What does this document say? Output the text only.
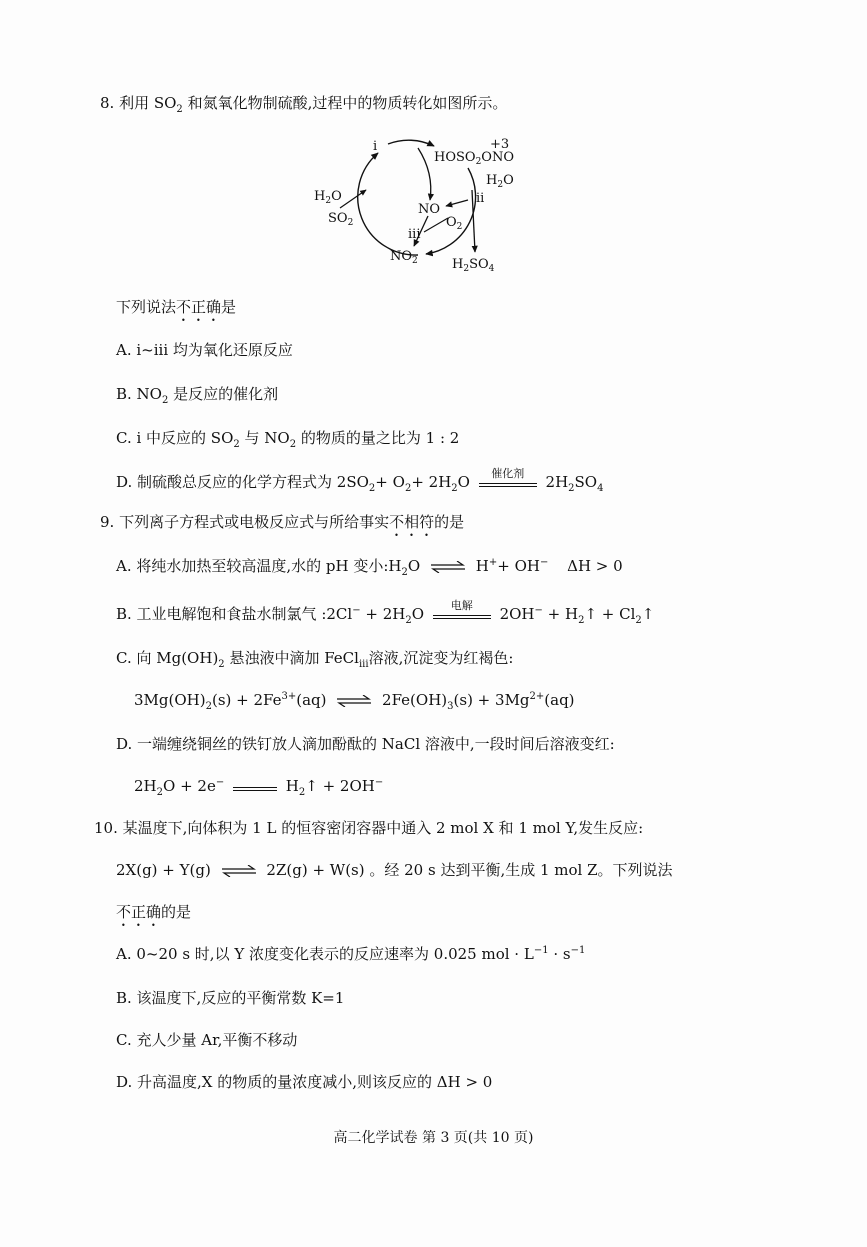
8. 利用 $SO_2$ 和氮氧化物制硫酸,过程中的物质转化如图所示。
i	+3
$HOSO_2ONO$
$H_2O$
ii
NO
$O_2$
iii
$H_2O$
$SO_2$
$NO_2$	$H_2SO_4$
下列说法不正确是
A. i~iii 均为氧化还原反应
B. $NO_2$ 是反应的催化剂
C. i 中反应的 $SO_2$ 与 $NO_2$ 的物质的量之比为 1 : 2
D. 制硫酸总反应的化学方程式为 $2SO_2+ O_2+ 2H_2O$	催化剂	$2H_2SO_4$
9. 下列离子方程式或电极反应式与所给事实不相符的是
A. 将纯水加热至较高温度,水的 pH 变小$:H_2O$ ⇌ H++ OH− ΔH > 0
B. 工业电解饱和食盐水制氯气 :2Cl− + $2H_2O$	电解	$2OH^- + H_2↑$ + $Cl_2↑$
C. 向 $Mg(OH)_2$ 悬浊液中滴加 FeCl$_{iii}$溶液,沉淀变为红褐色:
$3Mg(OH)_2(s) + 2Fe^{3+}(aq)$ ⇌ $2Fe(OH)_3(s) + 3Mg^{2+}(aq)$
D. 一端缠绕铜丝的铁钉放人滴加酚酞的 NaCl 溶液中,一段时间后溶液变红:
$2H_2O + 2e^-$	$H_2↑ + 2OH^-$
10. 某温度下,向体积为 1 L 的恒容密闭容器中通入 2 mol X 和 1 mol Y,发生反应:
2X(g) + Y(g) ⇌ 2Z(g) + W(s) 。经 20 s 达到平衡,生成 1 mol Z。下列说法
不正确的是
A. 0~20 s 时,以 Y 浓度变化表示的反应速率为 0.025 mol · $L^{-1} \cdot s^{-1}$
B. 该温度下,反应的平衡常数 K=1
C. 充人少量 Ar,平衡不移动
D. 升高温度,X 的物质的量浓度减小,则该反应的 ΔH > 0
高二化学试卷 第 3 页(共 10 页)
